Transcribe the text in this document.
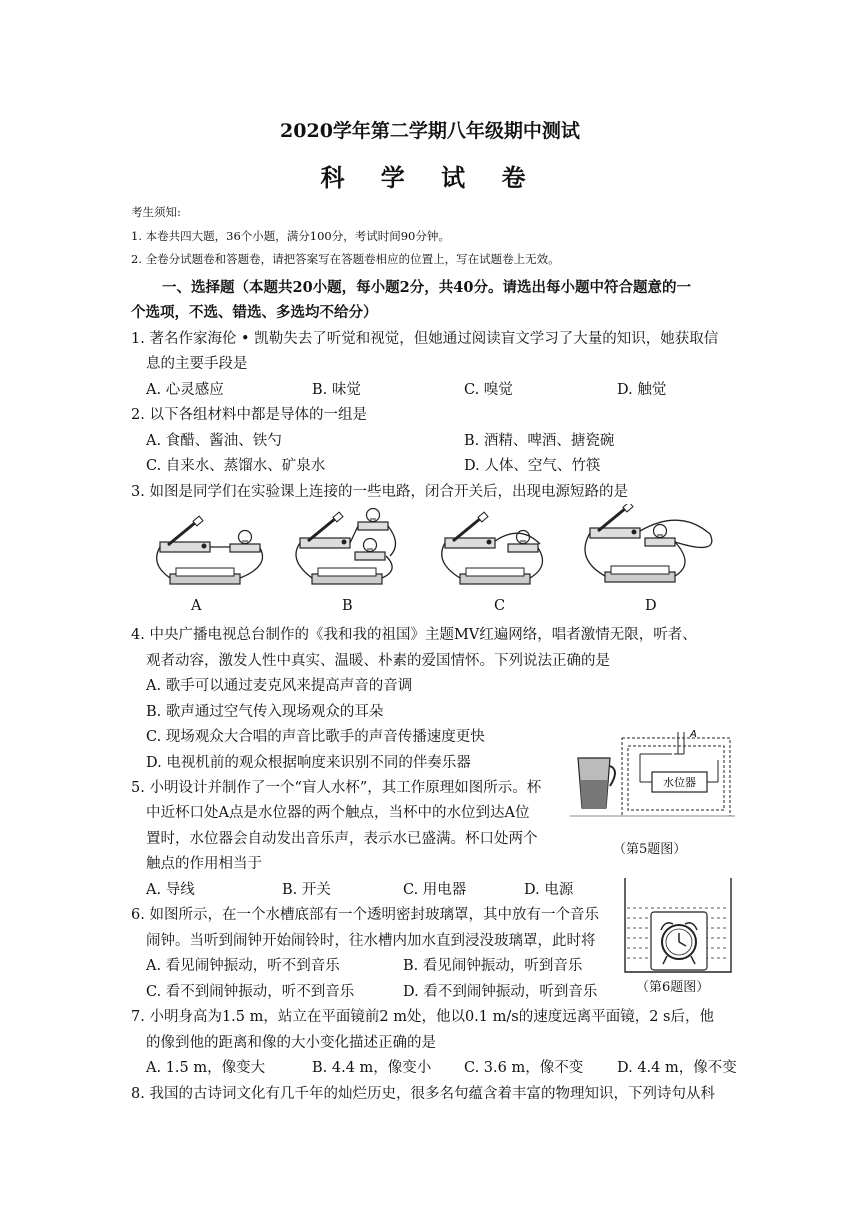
2020学年第二学期八年级期中测试
科 学 试 卷
考生须知:
1. 本卷共四大题，36个小题，满分100分，考试时间90分钟。
2. 全卷分试题卷和答题卷，请把答案写在答题卷相应的位置上，写在试题卷上无效。
一、选择题（本题共20小题，每小题2分，共40分。请选出每小题中符合题意的一
个选项，不选、错选、多选均不给分）
1. 著名作家海伦 • 凯勒失去了听觉和视觉，但她通过阅读盲文学习了大量的知识，她获取信
息的主要手段是
A. 心灵感应	B. 味觉	C. 嗅觉	D. 触觉
2. 以下各组材料中都是导体的一组是
A. 食醋、酱油、铁勺	B. 酒精、啤酒、搪瓷碗
C. 自来水、蒸馏水、矿泉水	D. 人体、空气、竹筷
3. 如图是同学们在实验课上连接的一些电路，闭合开关后，出现电源短路的是
A	B	C	D
4. 中央广播电视总台制作的《我和我的祖国》主题MV红遍网络，唱者激情无限，听者、
观者动容，激发人性中真实、温暖、朴素的爱国情怀。下列说法正确的是
A. 歌手可以通过麦克风来提高声音的音调
B. 歌声通过空气传入现场观众的耳朵
C. 现场观众大合唱的声音比歌手的声音传播速度更快
D. 电视机前的观众根据响度来识别不同的伴奏乐器
5. 小明设计并制作了一个“盲人水杯”，其工作原理如图所示。杯
中近杯口处A点是水位器的两个触点，当杯中的水位到达A位
置时，水位器会自动发出音乐声，表示水已盛满。杯口处两个
触点的作用相当于
A. 导线	B. 开关	C. 用电器	D. 电源
水位器
A
（第5题图）
6. 如图所示，在一个水槽底部有一个透明密封玻璃罩，其中放有一个音乐
闹钟。当听到闹钟开始闹铃时，往水槽内加水直到浸没玻璃罩，此时将
A. 看见闹钟振动，听不到音乐	B. 看见闹钟振动，听到音乐
C. 看不到闹钟振动，听不到音乐	D. 看不到闹钟振动，听到音乐	（第6题图）
7. 小明身高为1.5 m，站立在平面镜前2 m处，他以0.1 m/s的速度远离平面镜，2 s后，他
的像到他的距离和像的大小变化描述正确的是
A. 1.5 m，像变大	B. 4.4 m，像变小 C. 3.6 m，像不变 D. 4.4 m，像不变
8. 我国的古诗词文化有几千年的灿烂历史，很多名句蕴含着丰富的物理知识，下列诗句从科
